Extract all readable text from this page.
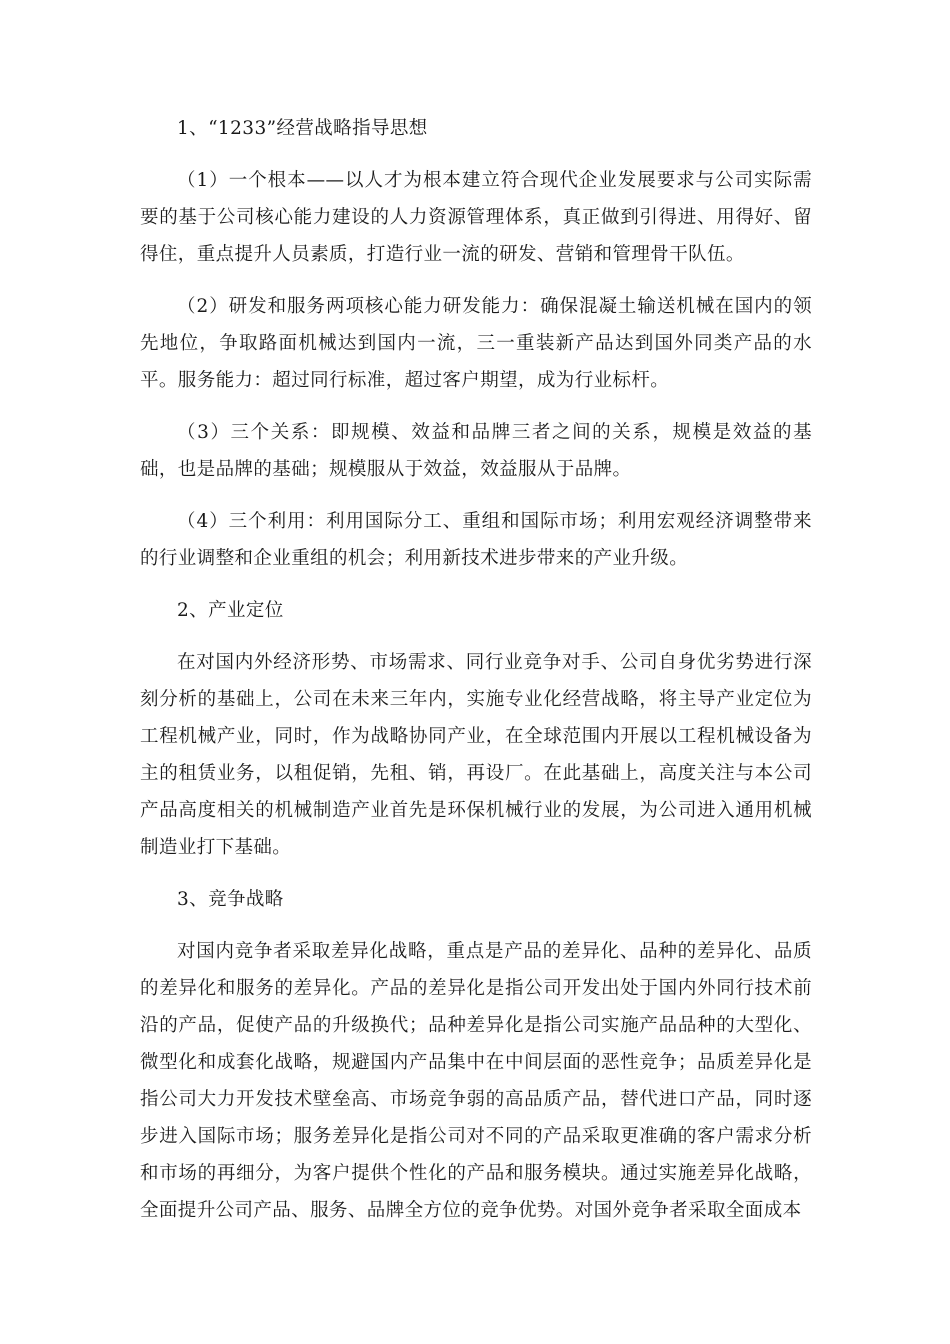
1、“1233”经营战略指导思想

（1）一个根本——以人才为根本建立符合现代企业发展要求与公司实际需要的基于公司核心能力建设的人力资源管理体系，真正做到引得进、用得好、留得住，重点提升人员素质，打造行业一流的研发、营销和管理骨干队伍。

（2）研发和服务两项核心能力研发能力：确保混凝土输送机械在国内的领先地位，争取路面机械达到国内一流，三一重装新产品达到国外同类产品的水平。服务能力：超过同行标准，超过客户期望，成为行业标杆。

（3）三个关系：即规模、效益和品牌三者之间的关系，规模是效益的基础，也是品牌的基础；规模服从于效益，效益服从于品牌。

（4）三个利用：利用国际分工、重组和国际市场；利用宏观经济调整带来的行业调整和企业重组的机会；利用新技术进步带来的产业升级。

2、产业定位

在对国内外经济形势、市场需求、同行业竞争对手、公司自身优劣势进行深刻分析的基础上，公司在未来三年内，实施专业化经营战略，将主导产业定位为工程机械产业，同时，作为战略协同产业，在全球范围内开展以工程机械设备为主的租赁业务，以租促销，先租、销，再设厂。在此基础上，高度关注与本公司产品高度相关的机械制造产业首先是环保机械行业的发展，为公司进入通用机械制造业打下基础。

3、竞争战略

对国内竞争者采取差异化战略，重点是产品的差异化、品种的差异化、品质的差异化和服务的差异化。产品的差异化是指公司开发出处于国内外同行技术前沿的产品，促使产品的升级换代；品种差异化是指公司实施产品品种的大型化、微型化和成套化战略，规避国内产品集中在中间层面的恶性竞争；品质差异化是指公司大力开发技术壁垒高、市场竞争弱的高品质产品，替代进口产品，同时逐步进入国际市场；服务差异化是指公司对不同的产品采取更准确的客户需求分析和市场的再细分，为客户提供个性化的产品和服务模块。通过实施差异化战略，全面提升公司产品、服务、品牌全方位的竞争优势。对国外竞争者采取全面成本
